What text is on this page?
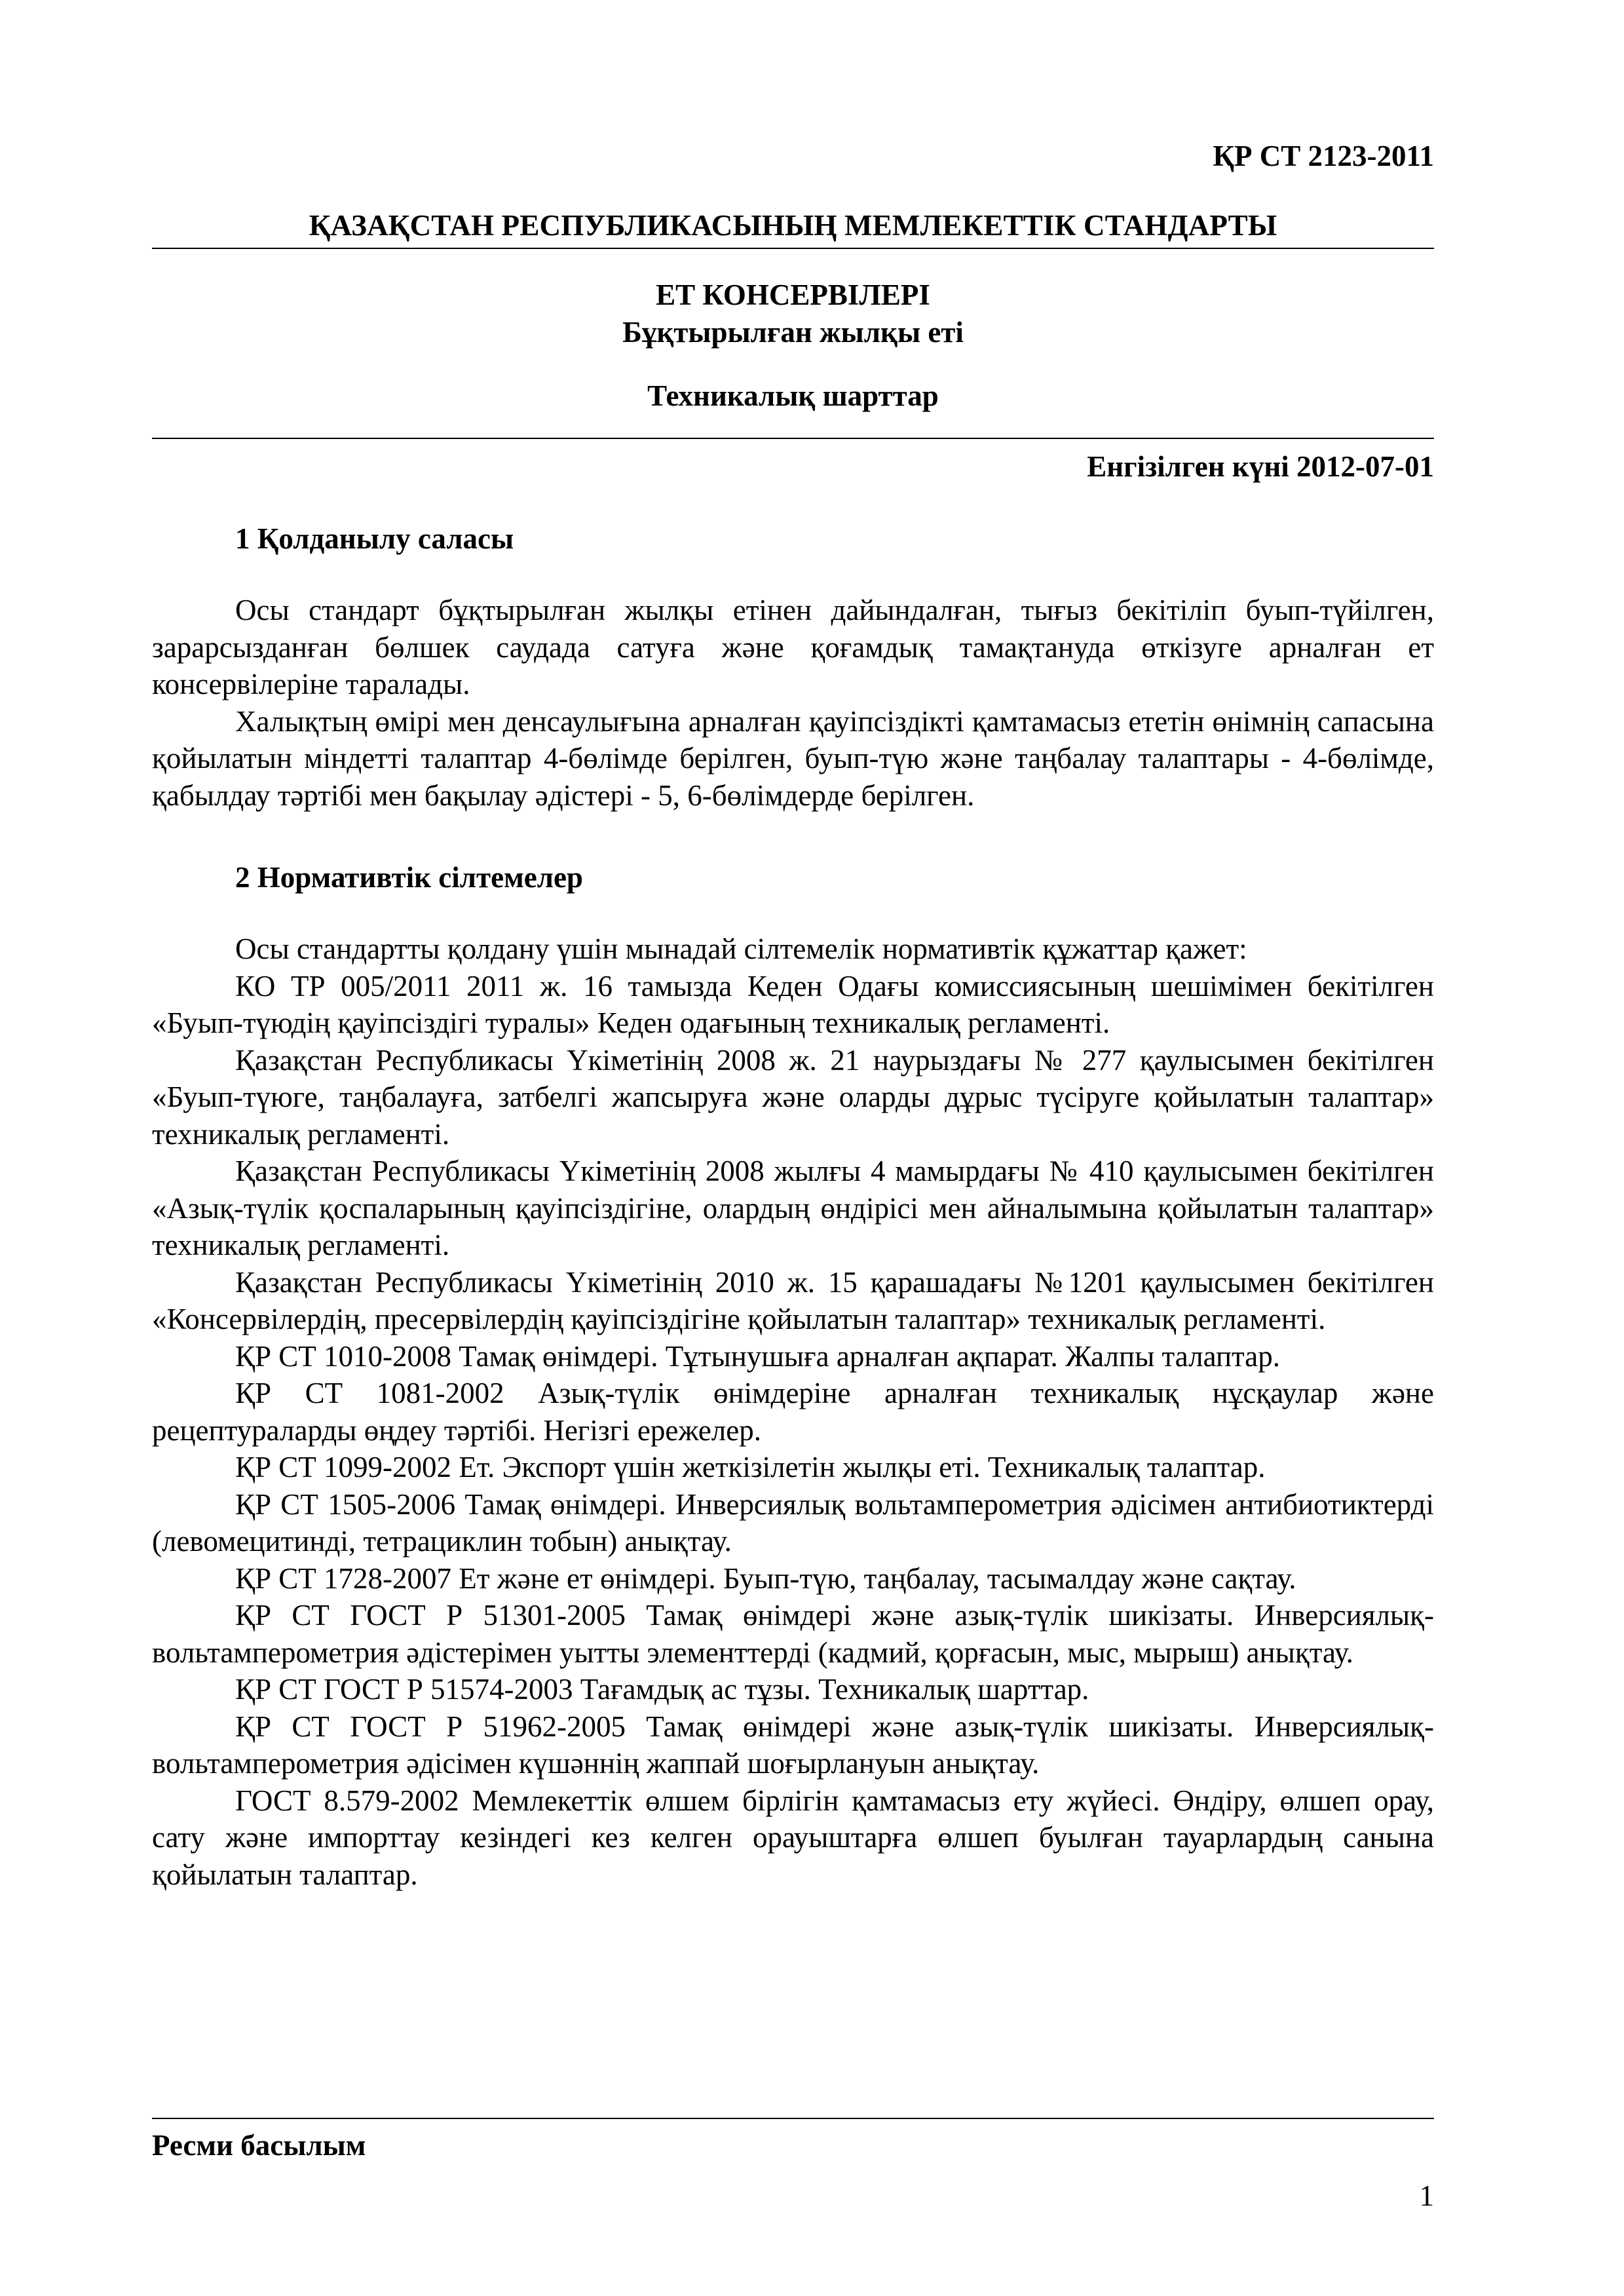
ҚР СТ 2123-2011
ҚАЗАҚСТАН РЕСПУБЛИКАСЫНЫҢ МЕМЛЕКЕТТІК СТАНДАРТЫ
ЕТ КОНСЕРВІЛЕРІ
Бұқтырылған жылқы еті
Техникалық шарттар
Енгізілген күні 2012-07-01
1 Қолданылу саласы

Осы стандарт бұқтырылған жылқы етінен дайындалған, тығыз бекітіліп буып-түйілген, зарарсызданған бөлшек саудада сатуға және қоғамдық тамақтануда өткізуге арналған ет консервілеріне таралады.

Халықтың өмірі мен денсаулығына арналған қауіпсіздікті қамтамасыз ететін өнімнің сапасына қойылатын міндетті талаптар 4-бөлімде берілген, буып-түю және таңбалау талаптары - 4-бөлімде, қабылдау тәртібі мен бақылау әдістері - 5, 6-бөлімдерде берілген.

2 Нормативтік сілтемелер

Осы стандартты қолдану үшін мынадай сілтемелік нормативтік құжаттар қажет:

КО ТР 005/2011 2011 ж. 16 тамызда Кеден Одағы комиссиясының шешімімен бекітілген «Буып-түюдің қауіпсіздігі туралы» Кеден одағының техникалық регламенті.

Қазақстан Республикасы Үкіметінің 2008 ж. 21 наурыздағы № 277 қаулысымен бекітілген «Буып-түюге, таңбалауға, затбелгі жапсыруға және оларды дұрыс түсіруге қойылатын талаптар» техникалық регламенті.

Қазақстан Республикасы Үкіметінің 2008 жылғы 4 мамырдағы № 410 қаулысымен бекітілген «Азық-түлік қоспаларының қауіпсіздігіне, олардың өндірісі мен айналымына қойылатын талаптар» техникалық регламенті.

Қазақстан Республикасы Үкіметінің 2010 ж. 15 қарашадағы №1201 қаулысымен бекітілген «Консервілердің, пресервілердің қауіпсіздігіне қойылатын талаптар» техникалық регламенті.

ҚР СТ 1010-2008 Тамақ өнімдері. Тұтынушыға арналған ақпарат. Жалпы талаптар.

ҚР СТ 1081-2002 Азық-түлік өнімдеріне арналған техникалық нұсқаулар және рецептураларды өңдеу тәртібі. Негізгі ережелер.

ҚР СТ 1099-2002 Ет. Экспорт үшін жеткізілетін жылқы еті. Техникалық талаптар.

ҚР СТ 1505-2006 Тамақ өнімдері. Инверсиялық вольтамперометрия әдісімен антибиотиктерді (левомецитинді, тетрациклин тобын) анықтау.

ҚР СТ 1728-2007 Ет және ет өнімдері. Буып-түю, таңбалау, тасымалдау және сақтау.

ҚР СТ ГОСТ Р 51301-2005 Тамақ өнімдері және азық-түлік шикізаты. Инверсиялық-вольтамперометрия әдістерімен уытты элементтерді (кадмий, қорғасын, мыс, мырыш) анықтау.

ҚР СТ ГОСТ Р 51574-2003 Тағамдық ас тұзы. Техникалық шарттар.

ҚР СТ ГОСТ Р 51962-2005 Тамақ өнімдері және азық-түлік шикізаты. Инверсиялық-вольтамперометрия әдісімен күшәннің жаппай шоғырлануын анықтау.

ГОСТ 8.579-2002 Мемлекеттік өлшем бірлігін қамтамасыз ету жүйесі. Өндіру, өлшеп орау, сату және импорттау кезіндегі кез келген орауыштарға өлшеп буылған тауарлардың санына қойылатын талаптар.

Ресми басылым
1
